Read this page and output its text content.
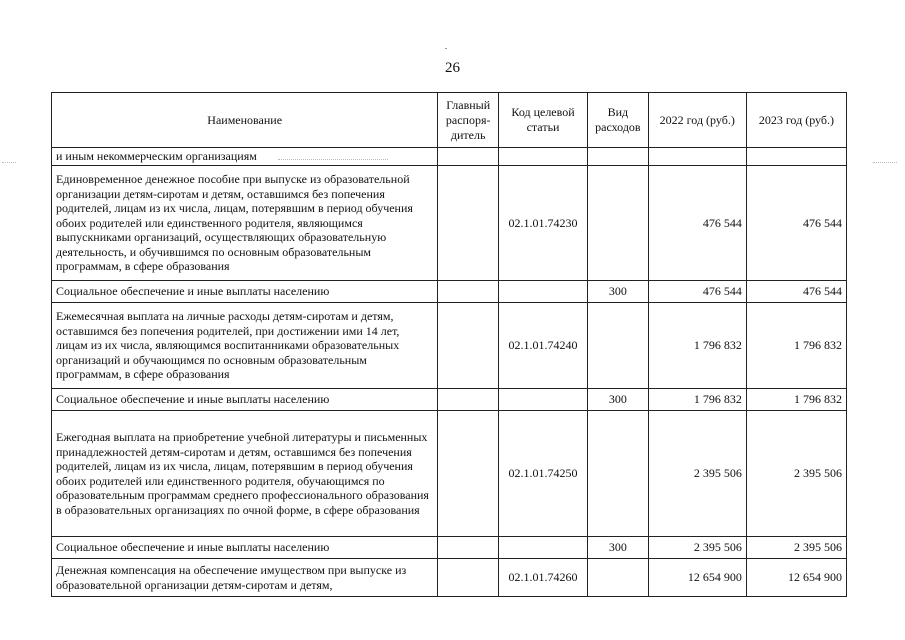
26
Наименование	Главный распоря- дитель	Код целевой статьи	Вид расходов	2022 год (руб.)	2023 год (руб.)
и иным некоммерческим организациям					
Единовременное денежное пособие при выпуске из образовательной организации детям-сиротам и детям, оставшимся без попечения родителей, лицам из их числа, лицам, потерявшим в период обучения обоих родителей или единственного родителя, являющимся выпускниками организаций, осуществляющих образовательную деятельность, и обучившимся по основным образовательным программам, в сфере образования		02.1.01.74230		476 544	476 544
Социальное обеспечение и иные выплаты населению			300	476 544	476 544
Ежемесячная выплата на личные расходы детям-сиротам и детям, оставшимся без попечения родителей, при достижении ими 14 лет, лицам из их числа, являющимся воспитанниками образовательных организаций и обучающимся по основным образовательным программам, в сфере образования		02.1.01.74240		1 796 832	1 796 832
Социальное обеспечение и иные выплаты населению			300	1 796 832	1 796 832
Ежегодная выплата на приобретение учебной литературы и письменных принадлежностей детям-сиротам и детям, оставшимся без попечения родителей, лицам из их числа, лицам, потерявшим в период обучения обоих родителей или единственного родителя, обучающимся по образовательным программам среднего профессионального образования в образовательных организациях по очной форме, в сфере образования		02.1.01.74250		2 395 506	2 395 506
Социальное обеспечение и иные выплаты населению			300	2 395 506	2 395 506
Денежная компенсация на обеспечение имуществом при выпуске из образовательной организации детям-сиротам и детям,		02.1.01.74260		12 654 900	12 654 900
